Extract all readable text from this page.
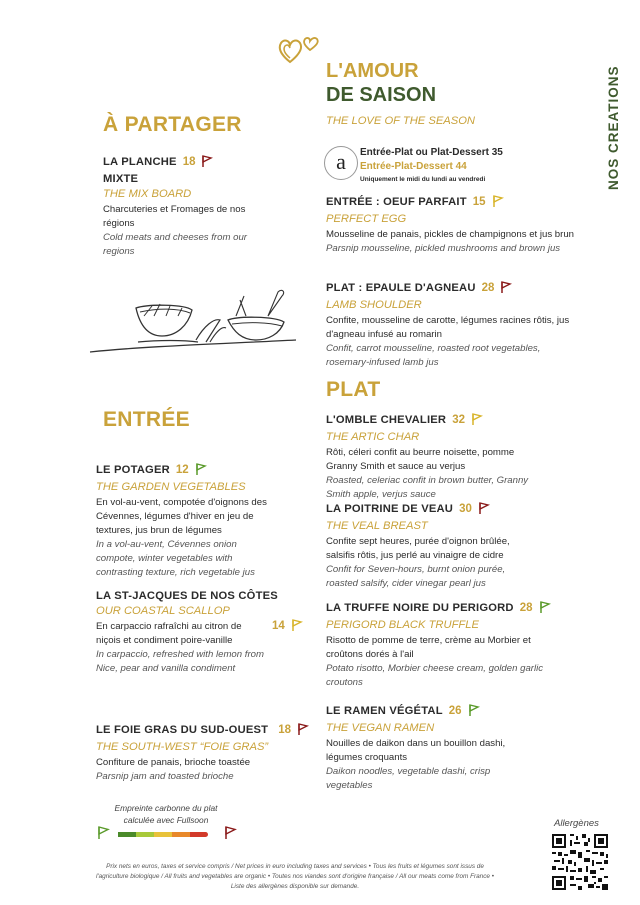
L'AMOUR
DE SAISON
THE LOVE OF THE SEASON	NOS CREATIONS
a Entrée-Plat ou Plat-Dessert 35
Entrée-Plat-Dessert 44
Uniquement le midi du lundi au vendredi
À PARTAGER
LA PLANCHE 18
MIXTE
THE MIX BOARD
Charcuteries et Fromages de nos régions
Cold meats and cheeses from our regions
ENTRÉE
LE POTAGER 12
THE GARDEN VEGETABLES
En vol-au-vent, compotée d'oignons des Cévennes, légumes d'hiver en jeu de textures, jus brun de légumes
In a vol-au-vent, Cévennes onion compote, winter vegetables with contrasting texture, rich vegetable jus
LA ST-JACQUES DE NOS CÔTES
OUR COASTAL SCALLOP
En carpaccio rafraîchi au citron de niçois et condiment poire-vanille
In carpaccio, refreshed with lemon from Nice, pear and vanilla condiment
14
LE FOIE GRAS DU SUD-OUEST 18
THE SOUTH-WEST “FOIE GRAS”
Confiture de panais, brioche toastée
Parsnip jam and toasted brioche
ENTRÉE : OEUF PARFAIT 15
PERFECT EGG
Mousseline de panais, pickles de champignons et jus brun
Parsnip mousseline, pickled mushrooms and brown jus
PLAT : EPAULE D'AGNEAU 28
LAMB SHOULDER
Confite, mousseline de carotte, légumes racines rôtis, jus d'agneau infusé au romarin
Confit, carrot mousseline, roasted root vegetables, rosemary-infused lamb jus
PLAT
L'OMBLE CHEVALIER 32
THE ARTIC CHAR
Rôti, céleri confit au beurre noisette, pomme Granny Smith et sauce au verjus
Roasted, celeriac confit in brown butter, Granny Smith apple, verjus sauce
LA POITRINE DE VEAU 30
THE VEAL BREAST
Confite sept heures, purée d'oignon brûlée, salsifis rôtis, jus perlé au vinaigre de cidre
Confit for Seven-hours, burnt onion purée, roasted salsify, cider vinegar pearl jus
LA TRUFFE NOIRE DU PERIGORD 28
PERIGORD BLACK TRUFFLE
Risotto de pomme de terre, crème au Morbier et croûtons dorés à l'ail
Potato risotto, Morbier cheese cream, golden garlic croutons
LE RAMEN VÉGÉTAL 26
THE VEGAN RAMEN
Nouilles de daikon dans un bouillon dashi, légumes croquants
Daikon noodles, vegetable dashi, crisp vegetables
Empreinte carbonne du plat
calculée avec Fullsoon	Allergènes
Prix nets en euros, taxes et service compris / Net prices in euro including taxes and services • Tous les fruits et légumes sont issus de
l'agriculture biologique / All fruits and vegetables are organic • Toutes nos viandes sont d'origine française / All our meats come from France •
Liste des allergènes disponible sur demande.
